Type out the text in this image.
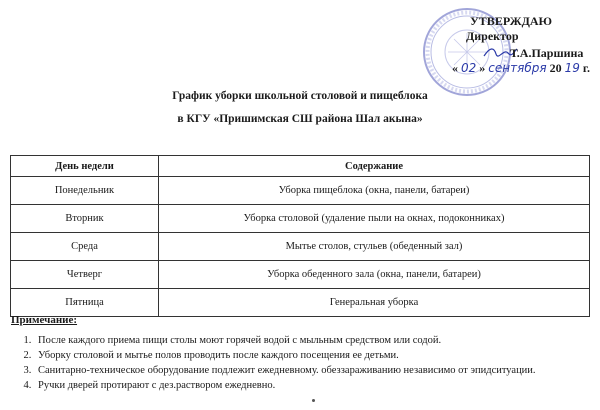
УТВЕРЖДАЮ
Директор
Т.А.Паршина
« 02 » сентября 20 19 г.
График уборки школьной столовой и пищеблока
в КГУ «Пришимская СШ района Шал акына»
День недели	Содержание
Понедельник	Уборка пищеблока (окна, панели, батареи)
Вторник	Уборка столовой (удаление пыли на окнах, подоконниках)
Среда	Мытье столов, стульев (обеденный зал)
Четверг	Уборка обеденного зала (окна, панели, батареи)
Пятница	Генеральная уборка
Примечание:
1. После каждого приема пищи столы моют горячей водой с мыльным средством или содой.
2. Уборку столовой и мытье полов проводить после каждого посещения ее детьми.
3. Санитарно-техническое оборудование подлежит ежедневному. обеззараживанию независимо от эпидситуации.
4. Ручки дверей протирают с дез.раствором ежедневно.
